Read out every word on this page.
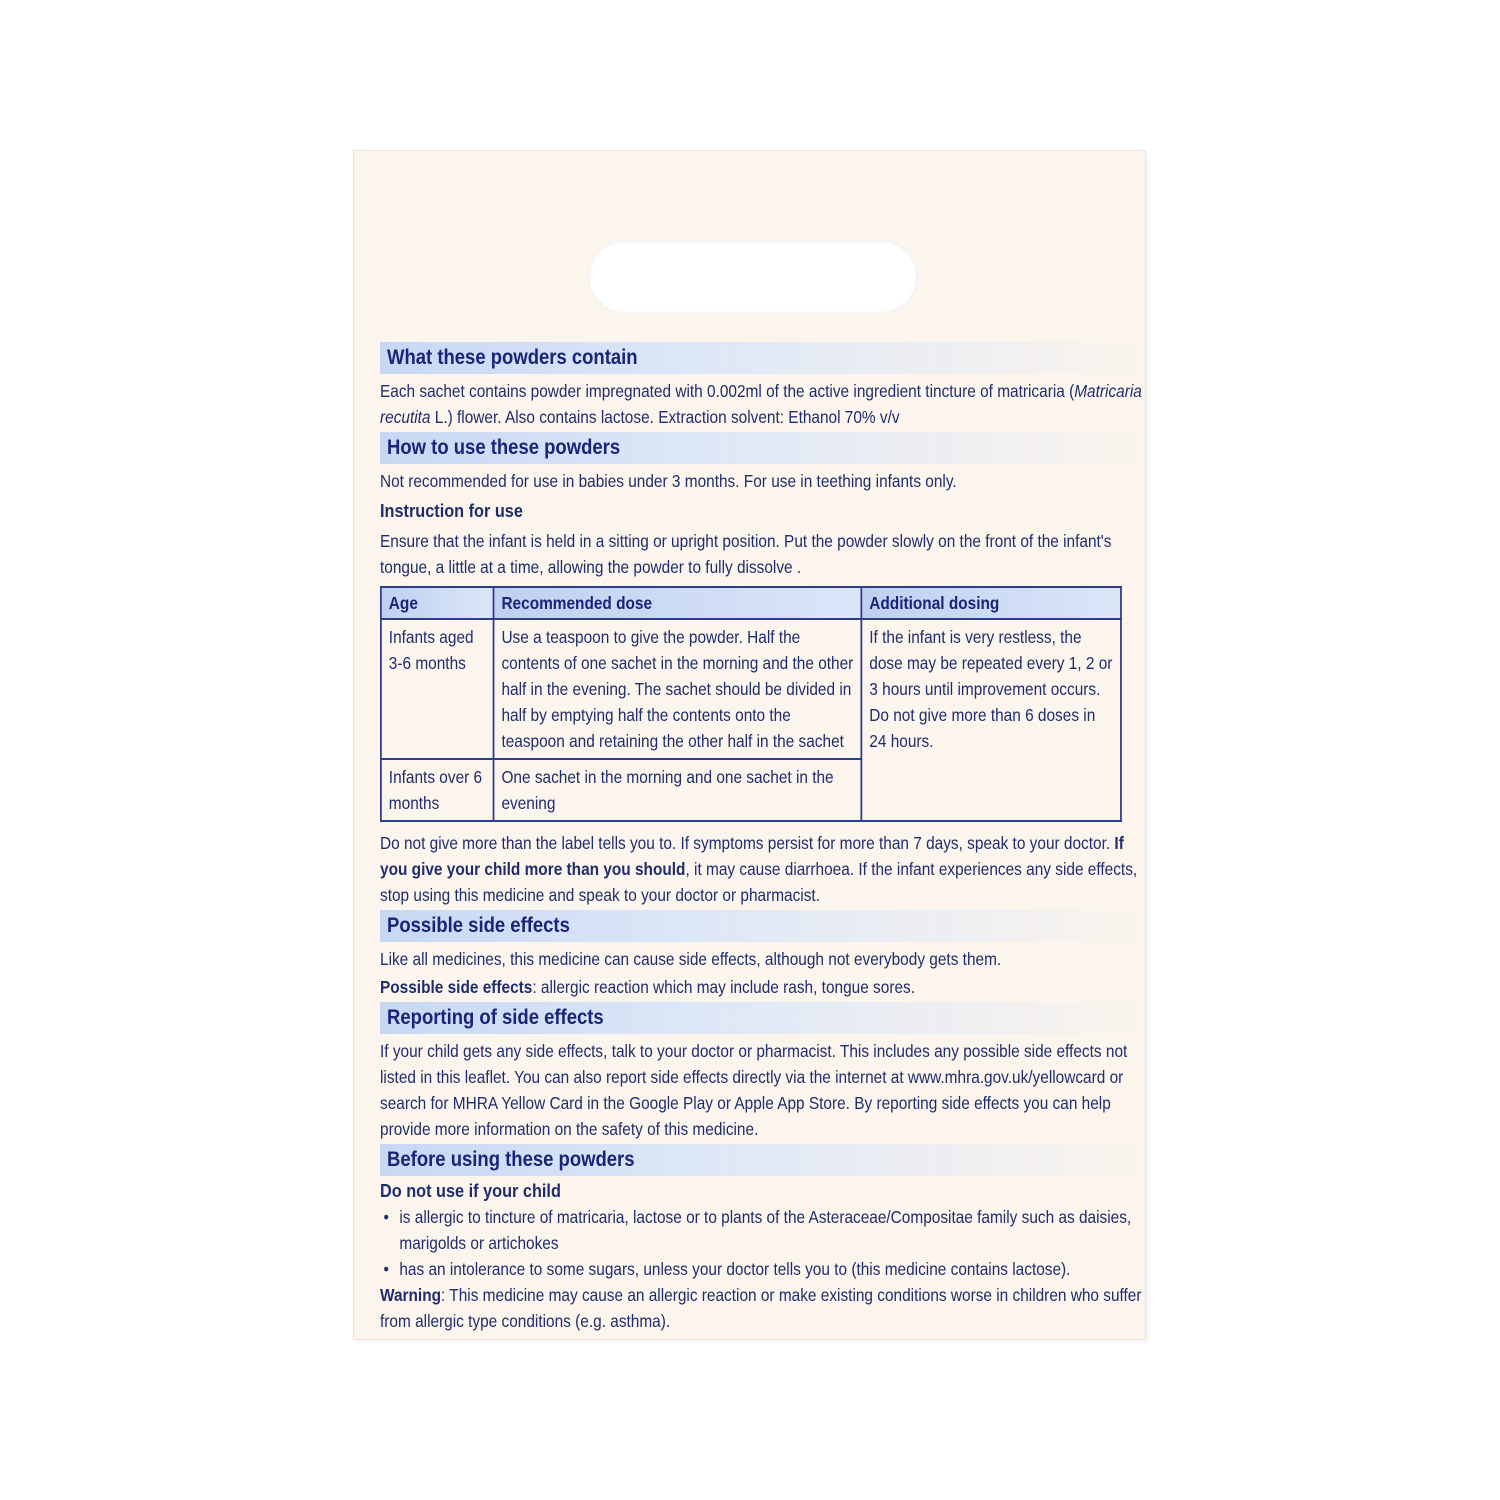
What these powders contain

Each sachet contains powder impregnated with 0.002ml of the active ingredient tincture of matricaria (Matricaria recutita L.) flower. Also contains lactose. Extraction solvent: Ethanol 70% v/v

How to use these powders

Not recommended for use in babies under 3 months. For use in teething infants only.

Instruction for use

Ensure that the infant is held in a sitting or upright position. Put the powder slowly on the front of the infant's tongue, a little at a time, allowing the powder to fully dissolve .

Age	Recommended dose	Additional dosing
Infants aged 3-6 months	Use a teaspoon to give the powder. Half the contents of one sachet in the morning and the other half in the evening. The sachet should be divided in half by emptying half the contents onto the teaspoon and retaining the other half in the sachet	If the infant is very restless, the dose may be repeated every 1, 2 or 3 hours until improvement occurs. Do not give more than 6 doses in 24 hours.
Infants over 6 months	One sachet in the morning and one sachet in the evening	

Do not give more than the label tells you to. If symptoms persist for more than 7 days, speak to your doctor. If you give your child more than you should, it may cause diarrhoea. If the infant experiences any side effects, stop using this medicine and speak to your doctor or pharmacist.

Possible side effects

Like all medicines, this medicine can cause side effects, although not everybody gets them.

Possible side effects: allergic reaction which may include rash, tongue sores.

Reporting of side effects

If your child gets any side effects, talk to your doctor or pharmacist. This includes any possible side effects not listed in this leaflet. You can also report side effects directly via the internet at www.mhra.gov.uk/yellowcard or search for MHRA Yellow Card in the Google Play or Apple App Store. By reporting side effects you can help provide more information on the safety of this medicine.

Before using these powders

Do not use if your child

• is allergic to tincture of matricaria, lactose or to plants of the Asteraceae/Compositae family such as daisies, marigolds or artichokes
• has an intolerance to some sugars, unless your doctor tells you to (this medicine contains lactose).

Warning: This medicine may cause an allergic reaction or make existing conditions worse in children who suffer from allergic type conditions (e.g. asthma).
